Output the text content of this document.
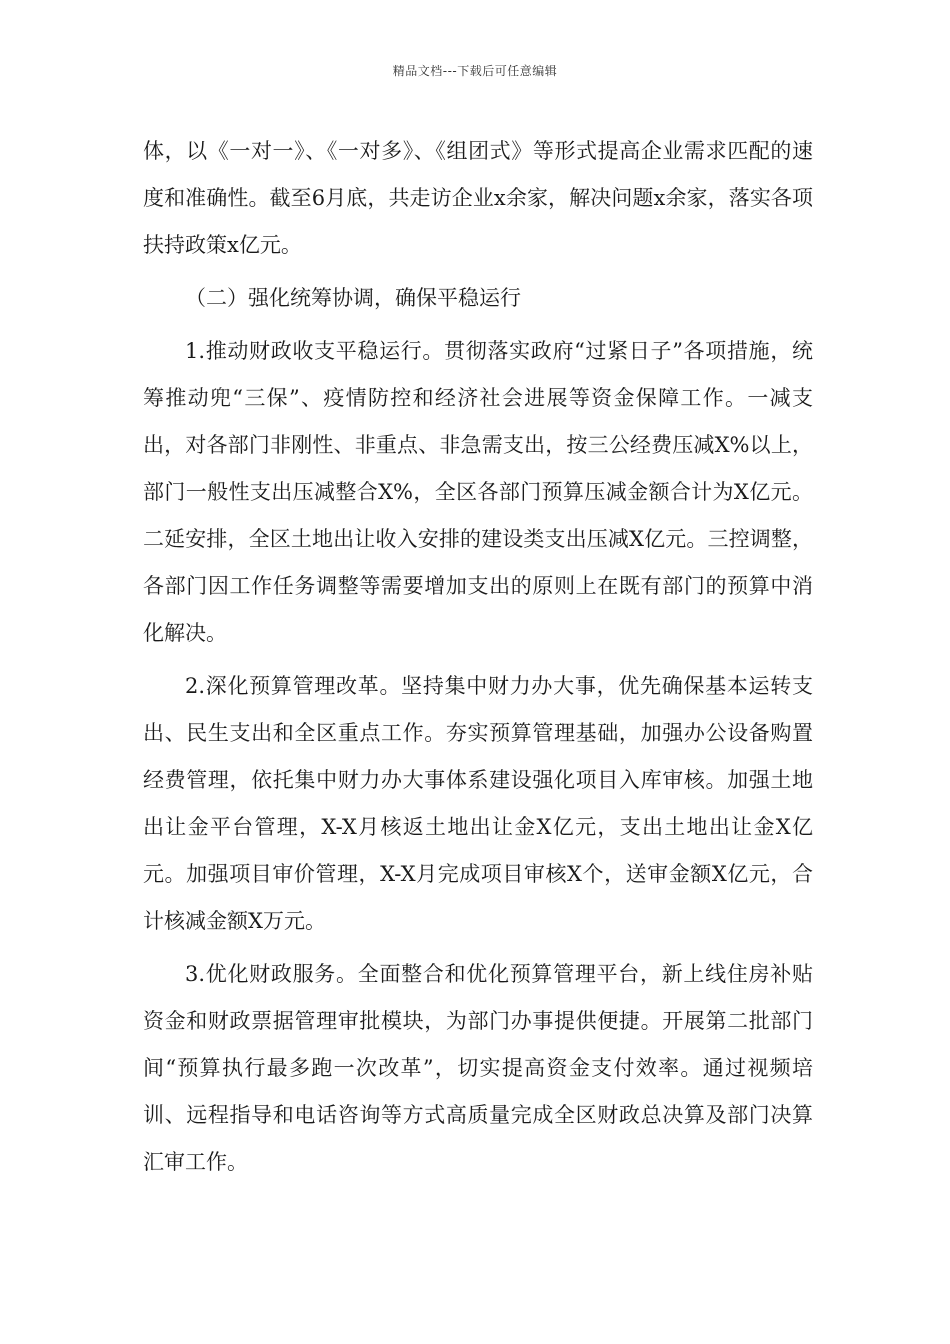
精品文档---下载后可任意编辑

体，以《一对一》、《一对多》、《组团式》等形式提高企业需求匹配的速度和准确性。截至6月底，共走访企业x余家，解决问题x余家，落实各项扶持政策x亿元。

（二）强化统筹协调，确保平稳运行

1.推动财政收支平稳运行。贯彻落实政府“过紧日子”各项措施，统筹推动兜“三保”、疫情防控和经济社会进展等资金保障工作。一减支出，对各部门非刚性、非重点、非急需支出，按三公经费压减X%以上，部门一般性支出压减整合X%，全区各部门预算压减金额合计为X亿元。二延安排，全区土地出让收入安排的建设类支出压减X亿元。三控调整，各部门因工作任务调整等需要增加支出的原则上在既有部门的预算中消化解决。

2.深化预算管理改革。坚持集中财力办大事，优先确保基本运转支出、民生支出和全区重点工作。夯实预算管理基础，加强办公设备购置经费管理，依托集中财力办大事体系建设强化项目入库审核。加强土地出让金平台管理，X-X月核返土地出让金X亿元，支出土地出让金X亿元。加强项目审价管理，X-X月完成项目审核X个，送审金额X亿元，合计核减金额X万元。

3.优化财政服务。全面整合和优化预算管理平台，新上线住房补贴资金和财政票据管理审批模块，为部门办事提供便捷。开展第二批部门间“预算执行最多跑一次改革”，切实提高资金支付效率。通过视频培训、远程指导和电话咨询等方式高质量完成全区财政总决算及部门决算汇审工作。
